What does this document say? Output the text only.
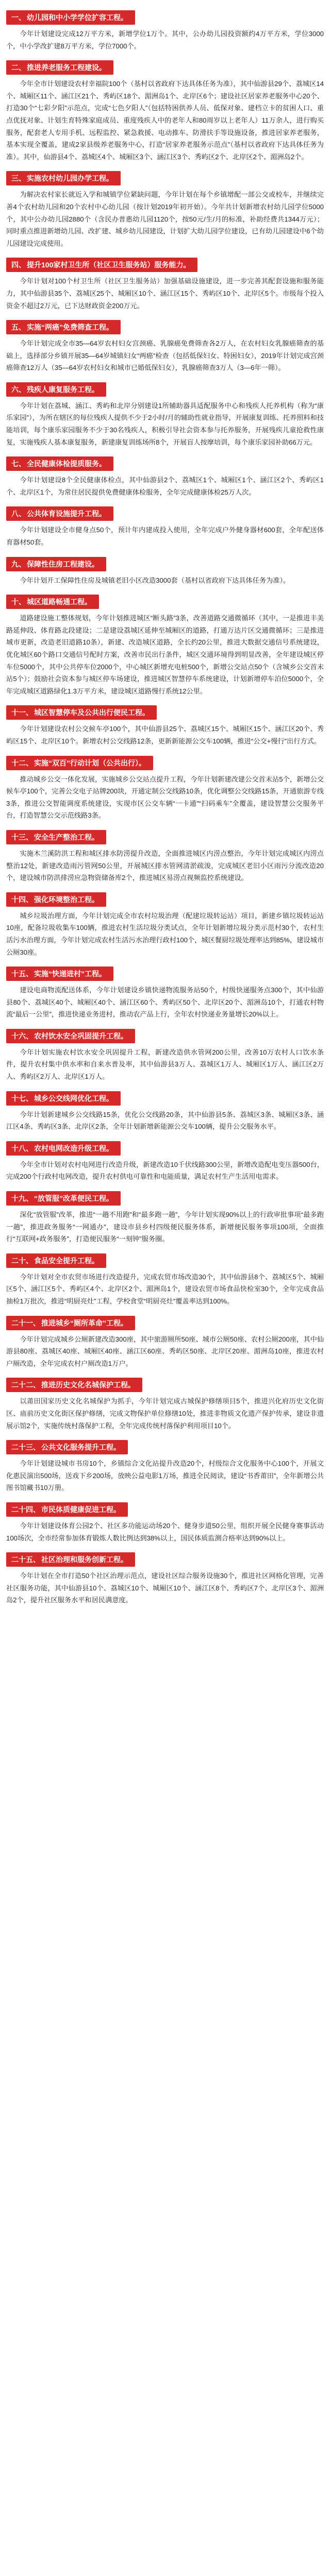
一、 幼儿园和中小学学位扩容工程。

今年计划建设完成12万平方米，新增学位1万个。其中，公办幼儿园投资额约4万平方米，学位3000个，中小学改扩建8万平方米，学位7000个。

二、 推进养老服务工程建设。

今年全市计划建设农村幸福院100个（基村以省政府下达具体任务为准），其中仙游县29个、荔城区14个、城厢区11个、涵江区21个、秀屿区18个、湄洲岛1个、北岸区6个；建设社区居家养老服务中心20个、打造30个“七彩夕阳”示范点，完成“七色夕阳人”（包括特困供养人员、低保对象、建档立卡的贫困人口、重点优抚对象、计划生育特殊家庭成员、重度残疾人中的老年人和80周岁以上老年人）11万余人，进行购买服务，配套老人专用手机、远程监控、紧急救援、电动推车、防滑扶手等设施设备，推进居家养老服务，基本实现全覆盖，建成2家县级养老服务中心，打造“居家养老服务示范点”（基村以省政府下达具体任务为准）。其中，仙游县4个、荔城区4个、城厢区3个、涵江区3个、秀屿区2个、北岸区2个、湄洲岛2个。

三、 实施农村幼儿园办学工程。

为解决农村家长就近入学和城镇学位紧缺问题，今年计划在每个乡镇增配一部公交或校车，并继续完善4个农村幼儿园和20个农村中心幼儿园（按计划2019年初开始）。今年共计划新增农村幼儿园学位5000个，其中公办幼儿园2880个（含民办普惠幼儿园1120个，按50元/生/月的标准，补助经费共1344万元）；同时重点推进新增幼儿园、改扩建、城乡幼儿园建设，计划扩大幼儿园学位建设，已有幼儿园建设中6个幼儿园建设完成使用。

四、 提升100家村卫生所（社区卫生服务站）服务能力。

今年计划对100个村卫生所（社区卫生服务站）加强基础设施建设，进一步完善其配套设施和服务能力，其中仙游县35个、荔城区25个、城厢区10个、涵江区15个、秀屿区10个、北岸区5个。市级每个投入资金不超过2万元，已下达财政资金200万元。

五、 实施“两癌”免费筛查工程。

今年计划完成全市35—64岁农村妇女宫颈癌、乳腺癌免费筛查各2万人，在农村妇女乳腺癌筛查的基础上，选择部分乡镇开展35—64岁城镇妇女“两癌”检查（包括低保妇女、特困妇女），2019年计划完成宫颈癌筛查12万人（35—64岁农村妇女和城市已婚低保妇女），乳腺癌筛查3万人（3—6年一筛）。

六、 残疾人康复服务工程。

今年计划在荔城、涵江、秀屿和北岸分别建设1所辅助器具适配服务中心和残疾人托养机构（称为“康乐家园”），为所在辖区的每位残疾人提供不少于2小时/月的辅助性就业指导，开展康复训练、托养照料和技能培训，每个康乐家园服务不少于30名残疾人，积极引导社会资本参与托养服务，开展残疾儿童抢救性康复，实施残疾人基本康复服务，新建康复训练场所8个，开展盲人按摩培训，每个康乐家园补助66万元。

七、 全民健康体检提质服务。

今年计划建设8个全民健康体检点，其中仙游县2个、荔城区1个、城厢区1个、涵江区2个、秀屿区1个、北岸区1个，为常住居民提供免费健康体检服务，全年完成健康体检25万人次。

八、 公共体育设施提升工程。

今年计划建设全市健身点50个，预计年内建成投入使用，全年完成户外健身器材600套，全年配送体育器材50套。

九、 保障性住房工程建设。

今年计划开工保障性住房及城镇老旧小区改造3000套（基村以省政府下达具体任务为准）。

十、 城区道路畅通工程。

道路建设施工整体规划，今年计划推进城区“断头路”3条，改善道路交通微循环（其中，一是推进丰美路延伸段、体育路北段建设；二是建设荔城区延伸至城厢区的道路，打通万达片区交通微循环；三是推进城市更新，改造老旧道路10条），新建、改造城区道路，全长约20公里，推进大数据交通信号系统建设，优化城区60个路口交通信号配时方案，改善市民出行条件，城区交通环境得到明显改善，全年建设城区停车位5000个，其中公共停车位2000个，中心城区新增充电桩500个，新增公交站点50个（含城乡公交首末站5个）；鼓励社会资本参与城区停车场建设，推进城区智慧停车系统建设，计划新增停车泊位5000个，全年完成城区道路绿化1.3万平方米，建设城区道路慢行系统12公里。

十一、 城区智慧停车及公共出行便民工程。

今年计划建设农村公交候车亭100个，其中仙游县25个、荔城区15个、城厢区15个、涵江区20个、秀屿区15个、北岸区10个。新增农村公交线路12条，更新新能源公交车100辆，推进“公交+慢行”出行方式。

十二、 实施“双百”行动计划（公共出行）。

推动城乡公交一体化发展，实施城乡公交站点提升工程，今年计划新建改建公交首末站5个，新增公交候车亭100个，完善公交电子站牌200块，开通定制公交线路10条，优化调整公交线路15条，开通旅游专线3条，推进公交智能调度系统建设，实现市区公交车辆“一卡通”“扫码乘车”全覆盖，建设智慧公交服务平台，打造智慧公交示范线路3条。

十三、 安全生产整治工程。

实施木兰溪防洪工程和城区排水防涝提升改造，全面推进城区内涝点整治，今年计划完成城区内涝点整治12处，新建改造雨污管网50公里，开展城区排水管网清淤疏浚，完成城区老旧小区雨污分流改造20个，建设城市防洪排涝应急物资储备库2个，推进城区易涝点视频监控系统建设。

十四、 强化环境整治工程。

城乡垃圾治理方面，今年计划完成全市农村垃圾治理（配建垃圾转运站）项目，新建乡镇垃圾转运站10座，配备垃圾收集车100辆，推进农村生活垃圾分类试点，全年计划新增垃圾分类示范村30个，农村生活污水治理方面，今年计划完成农村生活污水治理行政村100个，城区餐厨垃圾处理率达到85%，建设城市公厕30座。

十五、 实施“快递进村”工程。

建设电商物流配送体系，今年计划建设乡镇快递物流服务站50个，村级快递服务点300个，其中仙游县80个、荔城区40个、城厢区40个、涵江区60个、秀屿区50个、北岸区20个、湄洲岛10个，打通农村物流“最后一公里”，推进快递业务进村，推动农产品上行，全年农村快递业务量增长20%以上。

十六、 农村饮水安全巩固提升工程。

今年计划实施农村饮水安全巩固提升工程，新建改造供水管网200公里，改善10万农村人口饮水条件，提升农村集中供水率和自来水普及率，其中仙游县3万人、荔城区1万人、城厢区1万人、涵江区2万人、秀屿区2万人、北岸区1万人。

十七、 城乡公交线网优化工程。

今年计划新建城乡公交线路15条，优化公交线路20条，其中仙游县5条、荔城区3条、城厢区3条、涵江区4条、秀屿区3条、北岸区2条，全年计划新增新能源公交车100辆，提升公交服务水平。

十八、 农村电网改造升级工程。

今年全市计划对农村电网进行改造升级，新建改造10千伏线路300公里，新增改造配电变压器500台，完成200个行政村电网改造，提升农村供电可靠性和电能质量，满足农村生产生活用电需求。

十九、 “放管服”改革便民工程。

深化“放管服”改革，推进“一趟不用跑”和“最多跑一趟”，今年计划实现90%以上的行政审批事项“最多跑一趟”，推进政务服务“一网通办”，建设市县乡村四级便民服务体系，新增便民服务事项100项，全面推行“互联网+政务服务”，打造便民服务“一刻钟”服务圈。

二十、 食品安全提升工程。

今年计划对全市农贸市场进行改造提升，完成农贸市场改造30个，其中仙游县8个、荔城区5个、城厢区5个、涵江区5个、秀屿区4个、北岸区2个、湄洲岛1个，建设农贸市场食品快检室30个，全年完成食品抽检1万批次，推进“明厨亮灶”工程，学校食堂“明厨亮灶”覆盖率达到100%。

二十一、 推进城乡“厕所革命”工程。

今年计划完成城乡公厕新建改造300座，其中旅游厕所50座、城市公厕50座、农村公厕200座，其中仙游县80座、荔城区40座、城厢区40座、涵江区60座、秀屿区50座、北岸区20座、湄洲岛10座，推进农村户厕改造，全年完成农村户厕改造1万户。

二十二、 推进历史文化名城保护工程。

以莆田国家历史文化名城保护为抓手，今年计划完成古城保护修缮项目5个，推进兴化府历史文化街区、庙前历史文化街区保护修缮，完成文物保护单位修缮10处，推进非物质文化遗产保护传承，建设非遗展示馆2个，实施传统村落保护工程，全年完成传统村落保护利用项目10个。

二十三、 公共文化服务提升工程。

今年计划建设城市书房10个，乡镇综合文化站提升改造20个，村级综合文化服务中心100个，开展文化惠民演出500场，送戏下乡200场，放映公益电影1万场，推进全民阅读，建设“书香莆田”，全年新增公共图书馆藏书10万册。

二十四、 市民体质健康促进工程。

今年计划建设体育公园2个、社区多功能运动场20个、健身步道50公里，组织开展全民健身赛事活动100场次，全市经常参加体育锻炼人数比例达到38%以上，国民体质监测合格率达到90%以上。

二十五、 社区治理和服务创新工程。

今年计划在全市打造50个社区治理示范点，建设社区综合服务设施30个，推进社区网格化管理，完善社区服务功能，其中仙游县10个、荔城区10个、城厢区10个、涵江区8个、秀屿区7个、北岸区3个、湄洲岛2个，提升社区服务水平和居民满意度。
